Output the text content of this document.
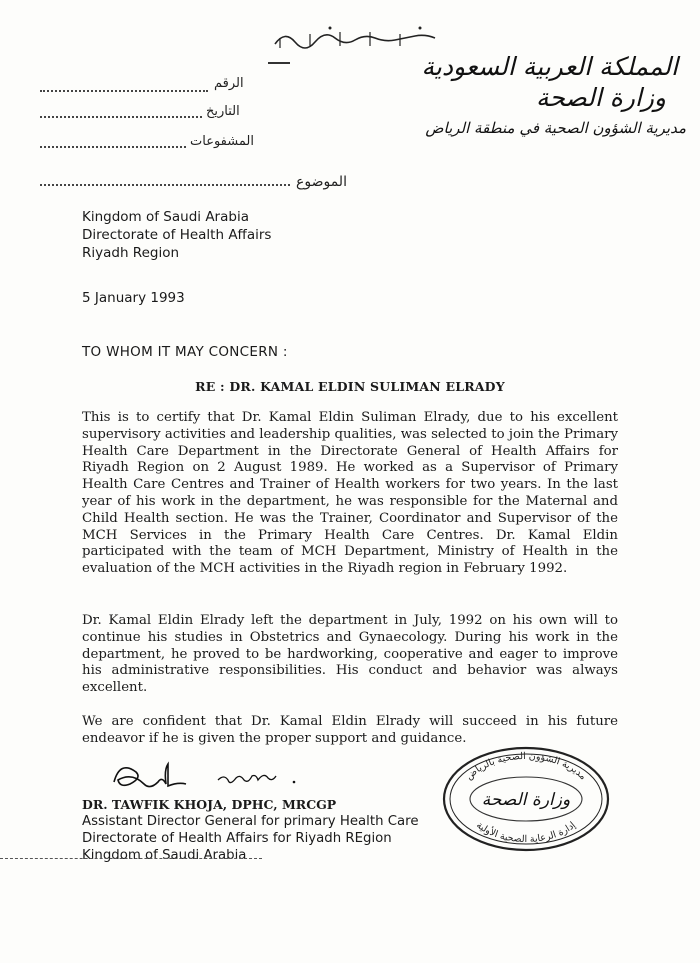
المملكة العربية السعودية
وزارة الصحة
مديرية الشؤون الصحية في منطقة الرياض
الرقم
التاريخ
المشفوعات
الموضوع
Kingdom of Saudi Arabia
Directorate of Health Affairs
Riyadh Region
5 January 1993
TO WHOM IT MAY CONCERN :
RE : DR. KAMAL ELDIN SULIMAN ELRADY

This is to certify that Dr. Kamal Eldin Suliman Elrady, due to his excellent supervisory activities and leadership qualities, was selected to join the Primary Health Care Department in the Directorate General of Health Affairs for Riyadh Region on 2 August 1989. He worked as a Supervisor of Primary Health Care Centres and Trainer of Health workers for two years. In the last year of his work in the department, he was responsible for the Maternal and Child Health section. He was the Trainer, Coordinator and Supervisor of the MCH Services in the Primary Health Care Centres. Dr. Kamal Eldin participated with the team of MCH Department, Ministry of Health in the evaluation of the MCH activities in the Riyadh region in February 1992.

Dr. Kamal Eldin Elrady left the department in July, 1992 on his own will to continue his studies in Obstetrics and Gynaecology. During his work in the department, he proved to be hardworking, cooperative and eager to improve his administrative responsibilities. His conduct and behavior was always excellent.

We are confident that Dr. Kamal Eldin Elrady will succeed in his future endeavor if he is given the proper support and guidance.

DR. TAWFIK KHOJA, DPHC, MRCGP
Assistant Director General for primary Health Care
Directorate of Health Affairs for Riyadh REgion
Kingdom of Saudi Arabia
مديرية الشؤون الصحية بالرياض
وزارة الصحة
إدارة الرعاية الصحية الأولية
